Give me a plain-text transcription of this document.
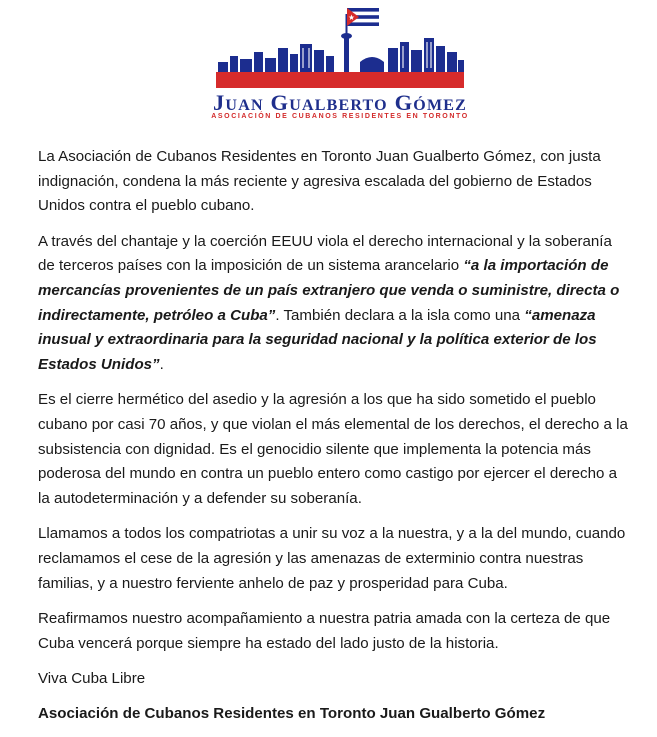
Juan Gualberto Gómez
ASOCIACIÓN DE CUBANOS RESIDENTES EN TORONTO

La Asociación de Cubanos Residentes en Toronto Juan Gualberto Gómez, con justa indignación, condena la más reciente y agresiva escalada del gobierno de Estados Unidos contra el pueblo cubano.

A través del chantaje y la coerción EEUU viola el derecho internacional y la soberanía de terceros países con la imposición de un sistema arancelario “a la importación de mercancías provenientes de un país extranjero que venda o suministre, directa o indirectamente, petróleo a Cuba”. También declara a la isla como una “amenaza inusual y extraordinaria para la seguridad nacional y la política exterior de los Estados Unidos”.

Es el cierre hermético del asedio y la agresión a los que ha sido sometido el pueblo cubano por casi 70 años, y que violan el más elemental de los derechos, el derecho a la subsistencia con dignidad. Es el genocidio silente que implementa la potencia más poderosa del mundo en contra un pueblo entero como castigo por ejercer el derecho a la autodeterminación y a defender su soberanía.

Llamamos a todos los compatriotas a unir su voz a la nuestra, y a la del mundo, cuando reclamamos el cese de la agresión y las amenazas de exterminio contra nuestras familias, y a nuestro ferviente anhelo de paz y prosperidad para Cuba.

Reafirmamos nuestro acompañamiento a nuestra patria amada con la certeza de que Cuba vencerá porque siempre ha estado del lado justo de la historia.

Viva Cuba Libre

Asociación de Cubanos Residentes en Toronto Juan Gualberto Gómez
